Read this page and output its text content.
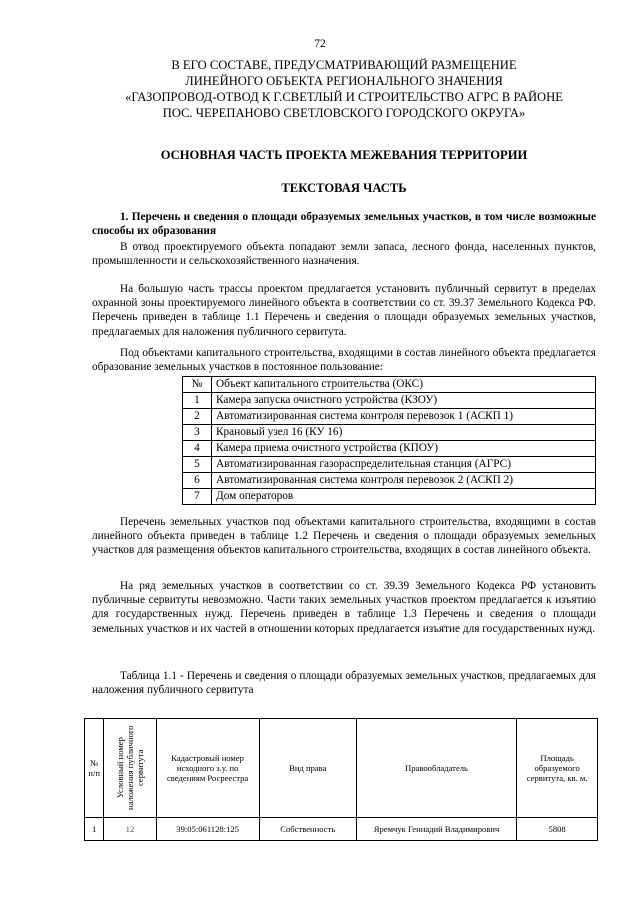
72
В ЕГО СОСТАВЕ, ПРЕДУСМАТРИВАЮЩИЙ РАЗМЕЩЕНИЕ
ЛИНЕЙНОГО ОБЪЕКТА РЕГИОНАЛЬНОГО ЗНАЧЕНИЯ
«ГАЗОПРОВОД-ОТВОД К Г.СВЕТЛЫЙ И СТРОИТЕЛЬСТВО АГРС В РАЙОНЕ
ПОС. ЧЕРЕПАНОВО СВЕТЛОВСКОГО ГОРОДСКОГО ОКРУГА»
ОСНОВНАЯ ЧАСТЬ ПРОЕКТА МЕЖЕВАНИЯ ТЕРРИТОРИИ
ТЕКСТОВАЯ ЧАСТЬ
1. Перечень и сведения о площади образуемых земельных участков, в том числе возможные способы их образования
В отвод проектируемого объекта попадают земли запаса, лесного фонда, населенных пунктов, промышленности и сельскохозяйственного назначения.
На большую часть трассы проектом предлагается установить публичный сервитут в пределах охранной зоны проектируемого линейного объекта в соответствии со ст. 39.37 Земельного Кодекса РФ. Перечень приведен в таблице 1.1 Перечень и сведения о площади образуемых земельных участков, предлагаемых для наложения публичного сервитута.
Под объектами капитального строительства, входящими в состав линейного объекта предлагается образование земельных участков в постоянное пользование:
№	Объект капитального строительства (ОКС)
1	Камера запуска очистного устройства (КЗОУ)
2	Автоматизированная система контроля перевозок 1 (АСКП 1)
3	Крановый узел 16 (КУ 16)
4	Камера приема очистного устройства (КПОУ)
5	Автоматизированная газораспределительная станция (АГРС)
6	Автоматизированная система контроля перевозок 2 (АСКП 2)
7	Дом операторов
Перечень земельных участков под объектами капитального строительства, входящими в состав линейного объекта приведен в таблице 1.2 Перечень и сведения о площади образуемых земельных участков для размещения объектов капитального строительства, входящих в состав линейного объекта.
На ряд земельных участков в соответствии со ст. 39.39 Земельного Кодекса РФ установить публичные сервитуты невозможно. Части таких земельных участков проектом предлагается к изъятию для государственных нужд. Перечень приведен в таблице 1.3 Перечень и сведения о площади земельных участков и их частей в отношении которых предлагается изъятие для государственных нужд.
Таблица 1.1 - Перечень и сведения о площади образуемых земельных участков, предлагаемых для наложения публичного сервитута
№ п/п	Условный номер наложения публичного сервитута	Кадастровый номер исходного з.у. по сведениям Росреестра	Вид права	Правообладатель	Площадь образуемого сервитута, кв. м.
1	12	39:05:061128:125	Собственность	Яремчук Геннадий Владимирович	5808
